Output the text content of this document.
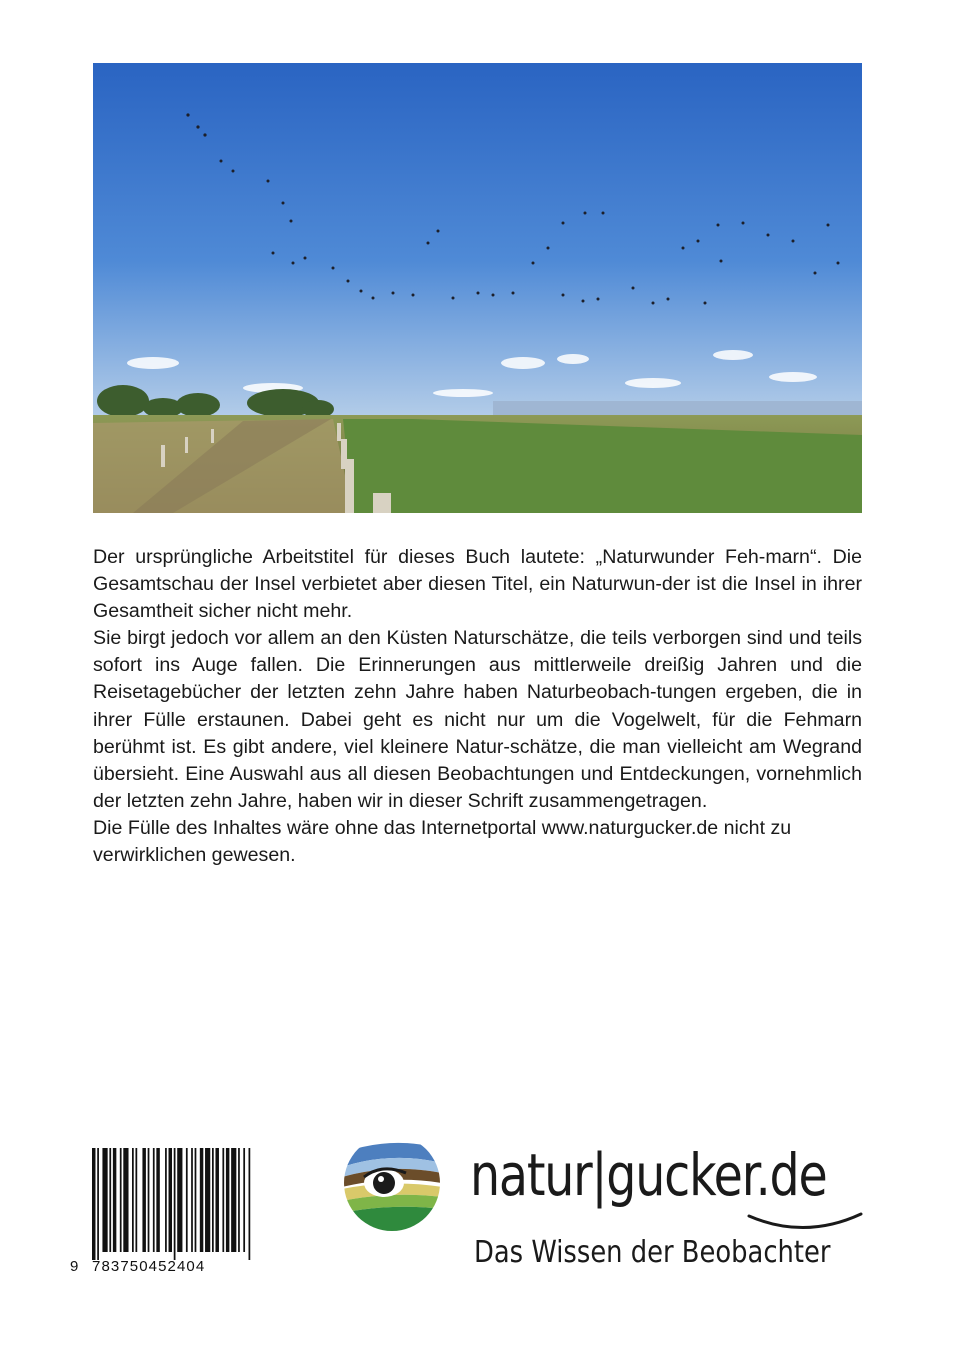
Der ursprüngliche Arbeitstitel für dieses Buch lautete: „Naturwunder Feh-marn“. Die Gesamtschau der Insel verbietet aber diesen Titel, ein Naturwun-der ist die Insel in ihrer Gesamtheit sicher nicht mehr.

Sie birgt jedoch vor allem an den Küsten Naturschätze, die teils verborgen sind und teils sofort ins Auge fallen. Die Erinnerungen aus mittlerweile dreißig Jahren und die Reisetagebücher der letzten zehn Jahre haben Naturbeobach-tungen ergeben, die in ihrer Fülle erstaunen. Dabei geht es nicht nur um die Vogelwelt, für die Fehmarn berühmt ist. Es gibt andere, viel kleinere Natur-schätze, die man vielleicht am Wegrand übersieht. Eine Auswahl aus all diesen Beobachtungen und Entdeckungen, vornehmlich der letzten zehn Jahre, haben wir in dieser Schrift zusammengetragen.

Die Fülle des Inhaltes wäre ohne das Internetportal www.naturgucker.de nicht zu verwirklichen gewesen.

9 783750452404
natur|gucker.de
Das Wissen der Beobachter
